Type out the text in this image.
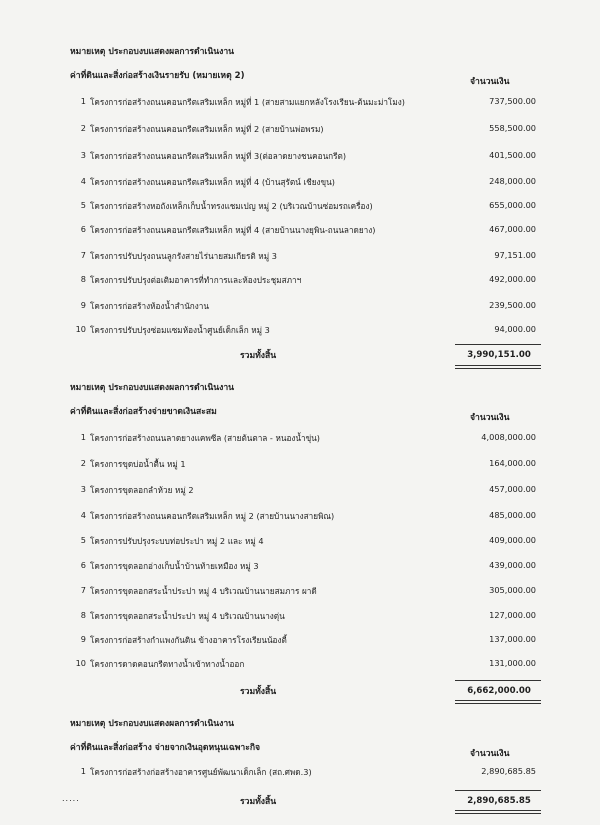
หมายเหตุ ประกอบงบแสดงผลการดำเนินงาน
ค่าที่ดินและสิ่งก่อสร้างเงินรายรับ (หมายเหตุ 2)
จำนวนเงิน
1 โครงการก่อสร้างถนนคอนกรีตเสริมเหล็ก หมู่ที่ 1 (สายสามแยกหลังโรงเรียน-ต้นมะม่าโมง)	737,500.00
2 โครงการก่อสร้างถนนคอนกรีตเสริมเหล็ก หมู่ที่ 2 (สายบ้านพ่อพรม)	558,500.00
3 โครงการก่อสร้างถนนคอนกรีตเสริมเหล็ก หมู่ที่ 3(ต่อลาดยางชนคอนกรีต)	401,500.00
4 โครงการก่อสร้างถนนคอนกรีตเสริมเหล็ก หมู่ที่ 4 (บ้านสุรัตน์ เชียงขุน)	248,000.00
5 โครงการก่อสร้างหอถังเหล็กเก็บน้ำทรงแชมเปญ หมู่ 2 (บริเวณบ้านซ่อมรถเครื่อง)	655,000.00
6 โครงการก่อสร้างถนนคอนกรีตเสริมเหล็ก หมู่ที่ 4 (สายบ้านนางยุพิน-ถนนลาดยาง)	467,000.00
7 โครงการปรับปรุงถนนลูกรังสายไร่นายสมเกียรติ หมู่ 3	97,151.00
8 โครงการปรับปรุงต่อเติมอาคารที่ทำการและห้องประชุมสภาฯ	492,000.00
9 โครงการก่อสร้างห้องน้ำสำนักงาน	239,500.00
10 โครงการปรับปรุงซ่อมแซมห้องน้ำศูนย์เด็กเล็ก หมู่ 3	94,000.00
รวมทั้งสิ้น	3,990,151.00
หมายเหตุ ประกอบงบแสดงผลการดำเนินงาน
ค่าที่ดินและสิ่งก่อสร้างจ่ายขาดเงินสะสม
จำนวนเงิน
1 โครงการก่อสร้างถนนลาดยางแคพซีล (สายต้นตาล - หนองน้ำขุ่น)	4,008,000.00
2 โครงการขุดบ่อน้ำตื้น หมู่ 1	164,000.00
3 โครงการขุดลอกลำห้วย หมู่ 2	457,000.00
4 โครงการก่อสร้างถนนคอนกรีตเสริมเหล็ก หมู่ 2 (สายบ้านนางสายพิณ)	485,000.00
5 โครงการปรับปรุงระบบท่อประปา หมู่ 2 และ หมู่ 4	409,000.00
6 โครงการขุดลอกอ่างเก็บน้ำบ้านท้ายเหมือง หมู่ 3	439,000.00
7 โครงการขุดลอกสระน้ำประปา หมู่ 4 บริเวณบ้านนายสมภาร ผาดี	305,000.00
8 โครงการขุดลอกสระน้ำประปา หมู่ 4 บริเวณบ้านนางตุ่น	127,000.00
9 โครงการก่อสร้างกำแพงกันดิน ข้างอาคารโรงเรียนน้องตี้	137,000.00
10 โครงการดาดคอนกรีตทางน้ำเข้าทางน้ำออก	131,000.00
รวมทั้งสิ้น	6,662,000.00
หมายเหตุ ประกอบงบแสดงผลการดำเนินงาน
ค่าที่ดินและสิ่งก่อสร้าง จ่ายจากเงินอุดหนุนเฉพาะกิจ
จำนวนเงิน
1 โครงการก่อสร้างก่อสร้างอาคารศูนย์พัฒนาเด็กเล็ก (สถ.ศพด.3)	2,890,685.85
.....	รวมทั้งสิ้น	2,890,685.85
